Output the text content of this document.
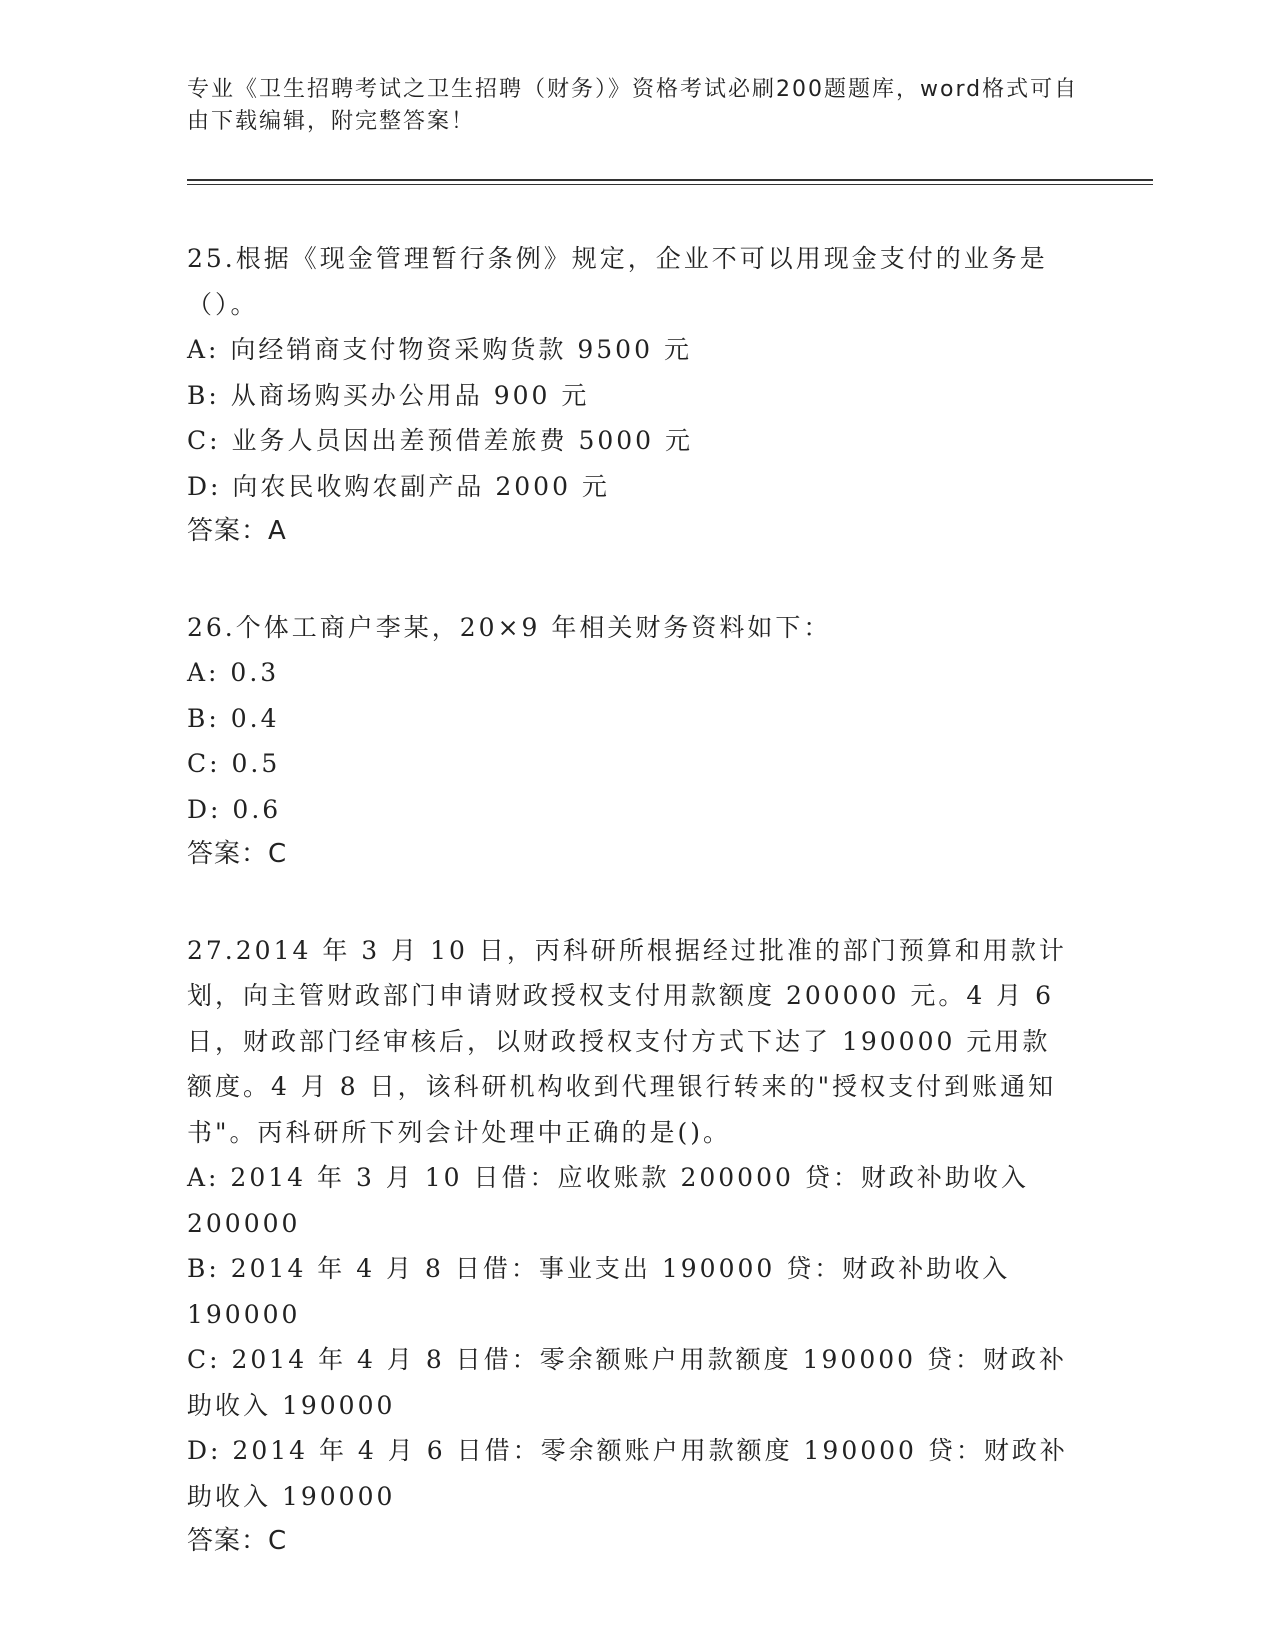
专业《卫生招聘考试之卫生招聘（财务）》资格考试必刷200题题库，word格式可自由下载编辑，附完整答案！
25.根据《现金管理暂行条例》规定，企业不可以用现金支付的业务是（）。
A: 向经销商支付物资采购货款 9500 元
B: 从商场购买办公用品 900 元
C: 业务人员因出差预借差旅费 5000 元
D: 向农民收购农副产品 2000 元
答案：A
26.个体工商户李某，20×9 年相关财务资料如下：
A: 0.3
B: 0.4
C: 0.5
D: 0.6
答案：C
27.2014 年 3 月 10 日，丙科研所根据经过批准的部门预算和用款计划，向主管财政部门申请财政授权支付用款额度 200000 元。4 月 6 日，财政部门经审核后，以财政授权支付方式下达了 190000 元用款额度。4 月 8 日，该科研机构收到代理银行转来的"授权支付到账通知书"。丙科研所下列会计处理中正确的是()。
A: 2014 年 3 月 10 日借：应收账款 200000 贷：财政补助收入 200000
B: 2014 年 4 月 8 日借：事业支出 190000 贷：财政补助收入 190000
C: 2014 年 4 月 8 日借：零余额账户用款额度 190000 贷：财政补助收入 190000
D: 2014 年 4 月 6 日借：零余额账户用款额度 190000 贷：财政补助收入 190000
答案：C
